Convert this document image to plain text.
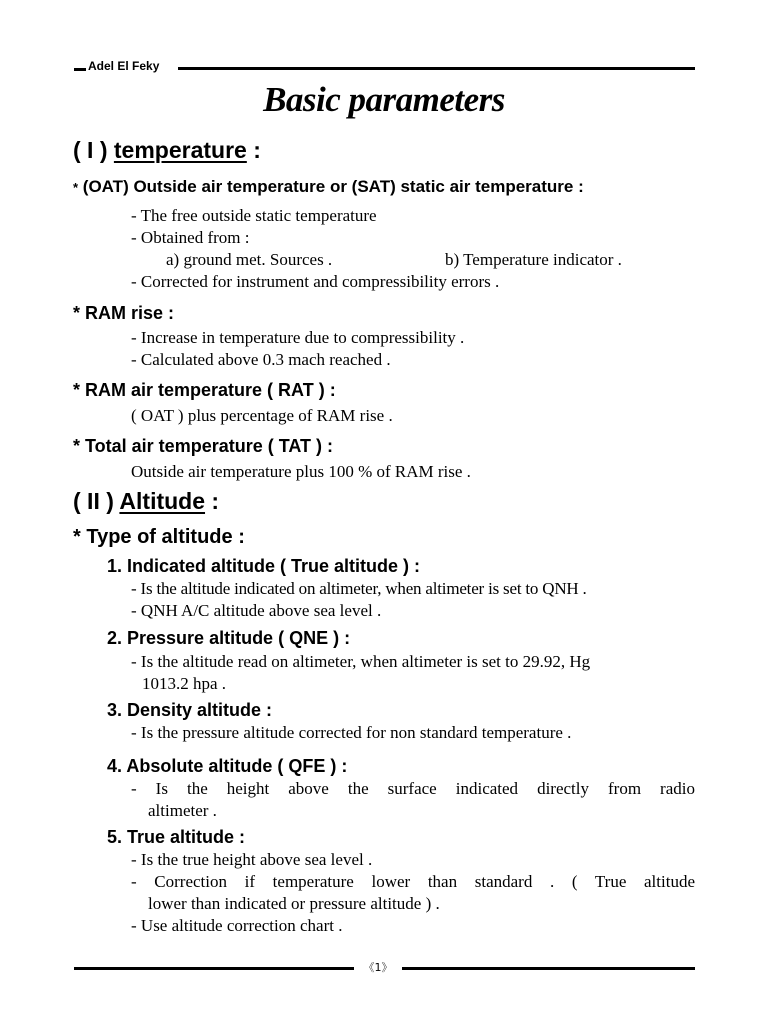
Adel El Feky
Basic parameters
( I ) temperature :
* (OAT) Outside air temperature or (SAT) static air temperature :
- The free outside static temperature
- Obtained from :
a) ground met. Sources .	b) Temperature indicator .
- Corrected for instrument and compressibility errors .
* RAM rise :
- Increase in temperature due to compressibility .
- Calculated above 0.3 mach reached .
* RAM air temperature ( RAT ) :
( OAT ) plus percentage of RAM rise .
* Total air temperature ( TAT ) :
Outside air temperature plus 100 % of RAM rise .
( II ) Altitude :
* Type of altitude :
1. Indicated altitude ( True altitude ) :
- Is the altitude indicated on altimeter, when altimeter is set to QNH .
- QNH A/C altitude above sea level .
2. Pressure altitude ( QNE ) :
- Is the altitude read on altimeter, when altimeter is set to 29.92, Hg
1013.2 hpa .
3. Density altitude :
- Is the pressure altitude corrected for non standard temperature .
4. Absolute altitude ( QFE ) :
- Is the height above the surface indicated directly from radio
altimeter .
5. True altitude :
- Is the true height above sea level .
- Correction if temperature lower than standard . ( True altitude
lower than indicated or pressure altitude ) .
- Use altitude correction chart .
《1》
